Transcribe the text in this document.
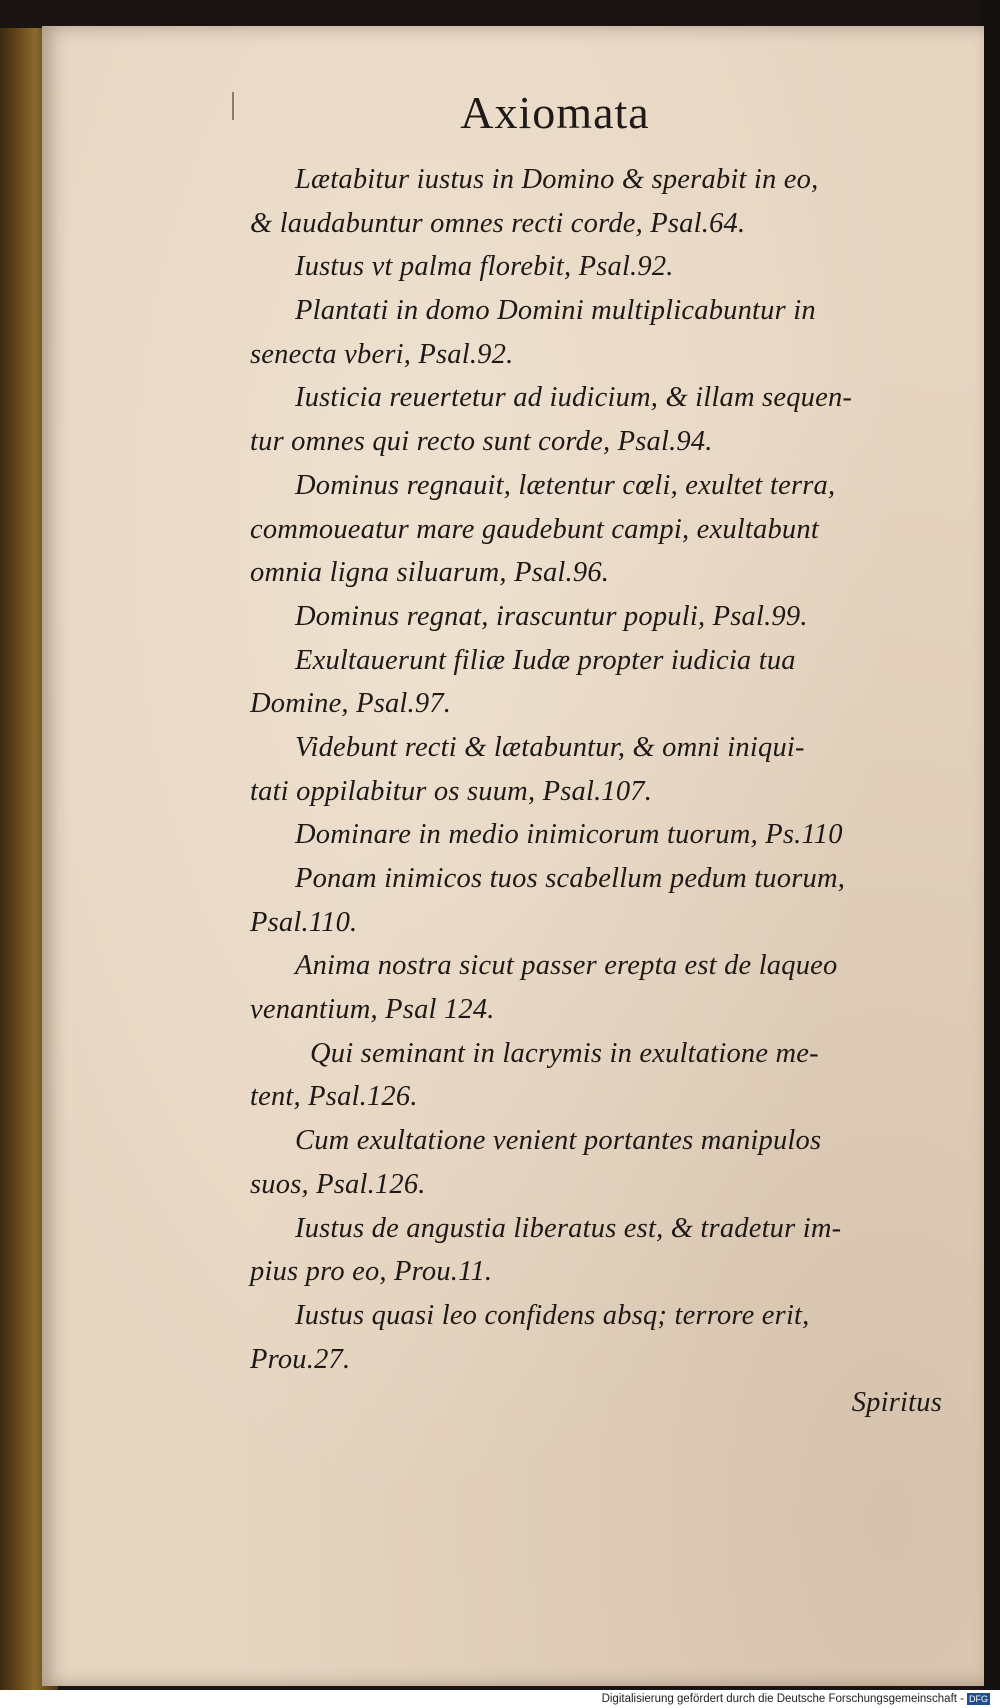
Axiomata
Lætabitur iustus in Domino & sperabit in eo,
& laudabuntur omnes recti corde, Psal.64.
Iustus vt palma florebit, Psal.92.
Plantati in domo Domini multiplicabuntur in
senecta vberi, Psal.92.
Iusticia reuertetur ad iudicium, & illam sequen-
tur omnes qui recto sunt corde, Psal.94.
Dominus regnauit, lætentur cœli, exultet terra,
commoueatur mare gaudebunt campi, exultabunt
omnia ligna siluarum, Psal.96.
Dominus regnat, irascuntur populi, Psal.99.
Exultauerunt filiæ Iudæ propter iudicia tua
Domine, Psal.97.
Videbunt recti & lætabuntur, & omni iniqui-
tati oppilabitur os suum, Psal.107.
Dominare in medio inimicorum tuorum, Ps.110
Ponam inimicos tuos scabellum pedum tuorum,
Psal.110.
Anima nostra sicut passer erepta est de laqueo
venantium, Psal 124.
Qui seminant in lacrymis in exultatione me-
tent, Psal.126.
Cum exultatione venient portantes manipulos
suos, Psal.126.
Iustus de angustia liberatus est, & tradetur im-
pius pro eo, Prou.11.
Iustus quasi leo confidens absq; terrore erit,
Prou.27.
Spiritus
Digitalisierung gefördert durch die Deutsche Forschungsgemeinschaft - DFG
